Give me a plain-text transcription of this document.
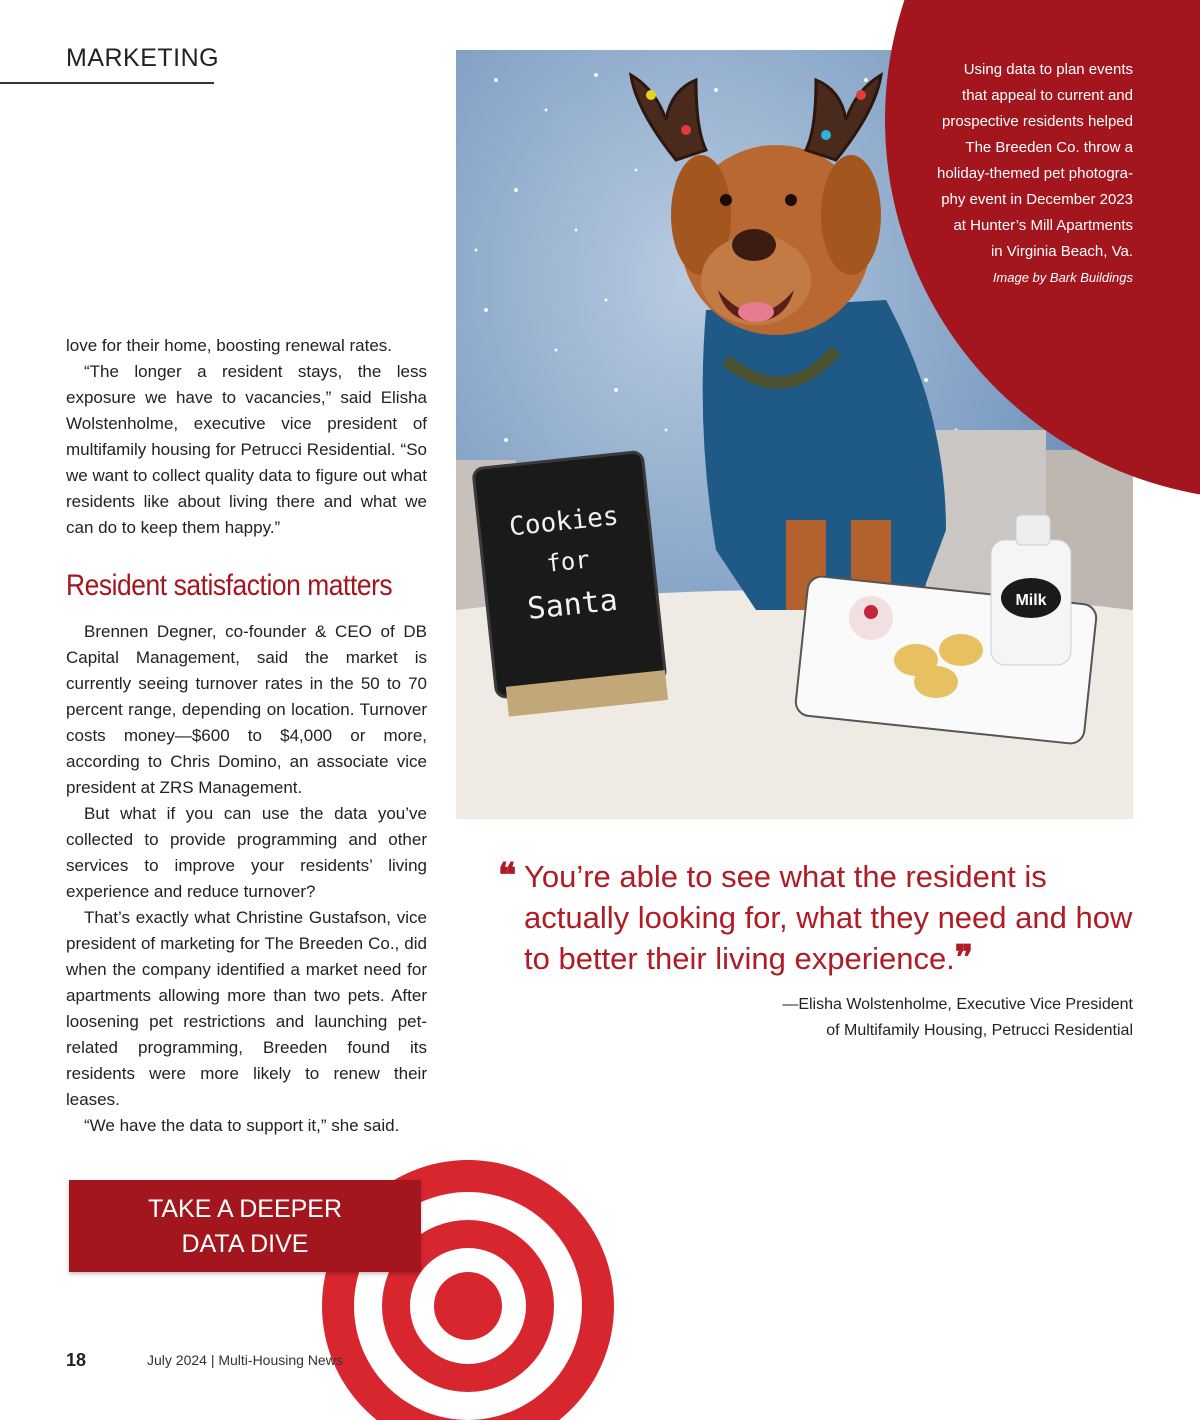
MARKETING
Cookies
for
Santa	Milk
Using data to plan events
that appeal to current and
prospective residents helped
The Breeden Co. throw a
holiday-themed pet photogra-
phy event in December 2023
at Hunter’s Mill Apartments
in Virginia Beach, Va.
Image by Bark Buildings

love for their home, boosting renewal rates.

“The longer a resident stays, the less exposure we have to vacancies,” said Elisha Wolstenholme, executive vice president of multifamily housing for Petrucci Residential. “So we want to collect quality data to figure out what residents like about living there and what we can do to keep them happy.”

Resident satisfaction matters

Brennen Degner, co-founder & CEO of DB Capital Management, said the market is currently seeing turnover rates in the 50 to 70 percent range, depending on location. Turnover costs money—$600 to $4,000 or more, according to Chris Domino, an associate vice president at ZRS Management.

But what if you can use the data you’ve collected to provide programming and other services to improve your residents’ living experience and reduce turnover?

That’s exactly what Christine Gustafson, vice president of marketing for The Breeden Co., did when the company identified a market need for apartments allowing more than two pets. After loosening pet restrictions and launching pet-related programming, Breeden found its residents were more likely to renew their leases.

“We have the data to support it,” she said.

❝ You’re able to see what the resident is actually looking for, what they need and how to better their living experience.❞
—Elisha Wolstenholme, Executive Vice President
of Multifamily Housing, Petrucci Residential
TAKE A DEEPER
DATA DIVE
18	July 2024 | Multi-Housing News
